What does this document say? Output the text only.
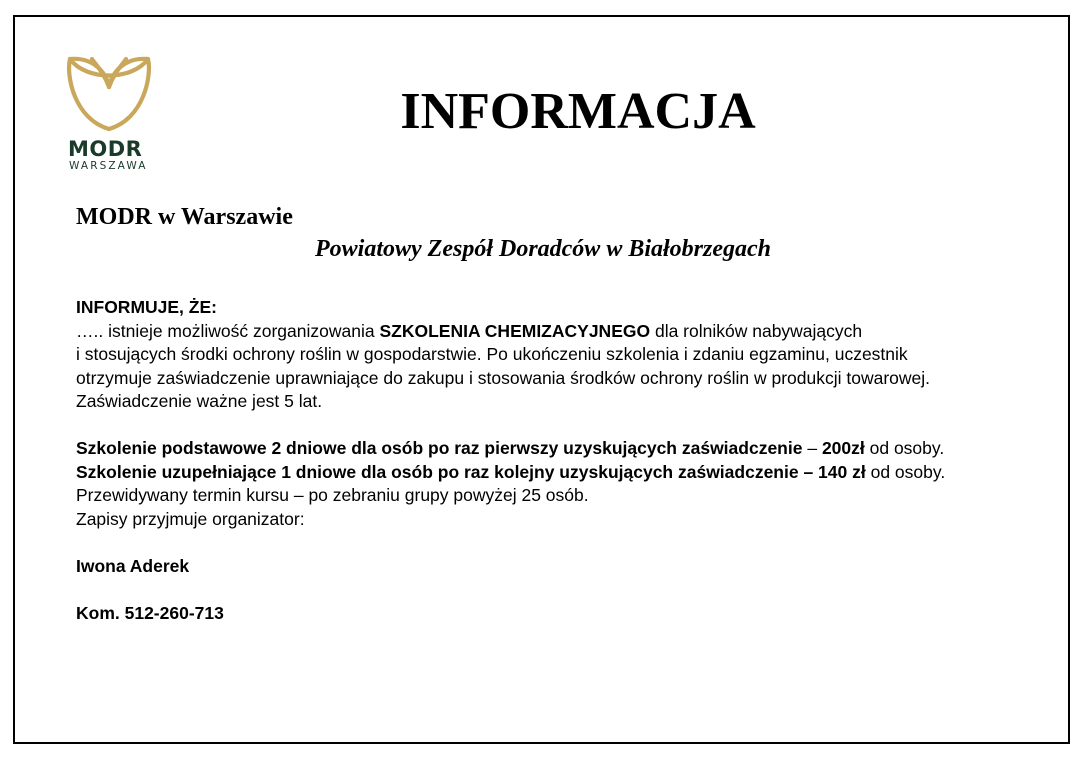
MODR
WARSZAWA
INFORMACJA
MODR w Warszawie
Powiatowy Zespół Doradców w Białobrzegach

INFORMUJE, ŻE:

….. istnieje możliwość zorganizowania SZKOLENIA CHEMIZACYJNEGO dla rolników nabywających

i stosujących środki ochrony roślin w gospodarstwie. Po ukończeniu szkolenia i zdaniu egzaminu, uczestnik

otrzymuje zaświadczenie uprawniające do zakupu i stosowania środków ochrony roślin w produkcji towarowej.

Zaświadczenie ważne jest 5 lat.

Szkolenie podstawowe 2 dniowe dla osób po raz pierwszy uzyskujących zaświadczenie – 200zł od osoby.

Szkolenie uzupełniające 1 dniowe dla osób po raz kolejny uzyskujących zaświadczenie – 140 zł od osoby.

Przewidywany termin kursu – po zebraniu grupy powyżej 25 osób.

Zapisy przyjmuje organizator:

Iwona Aderek

Kom. 512-260-713
